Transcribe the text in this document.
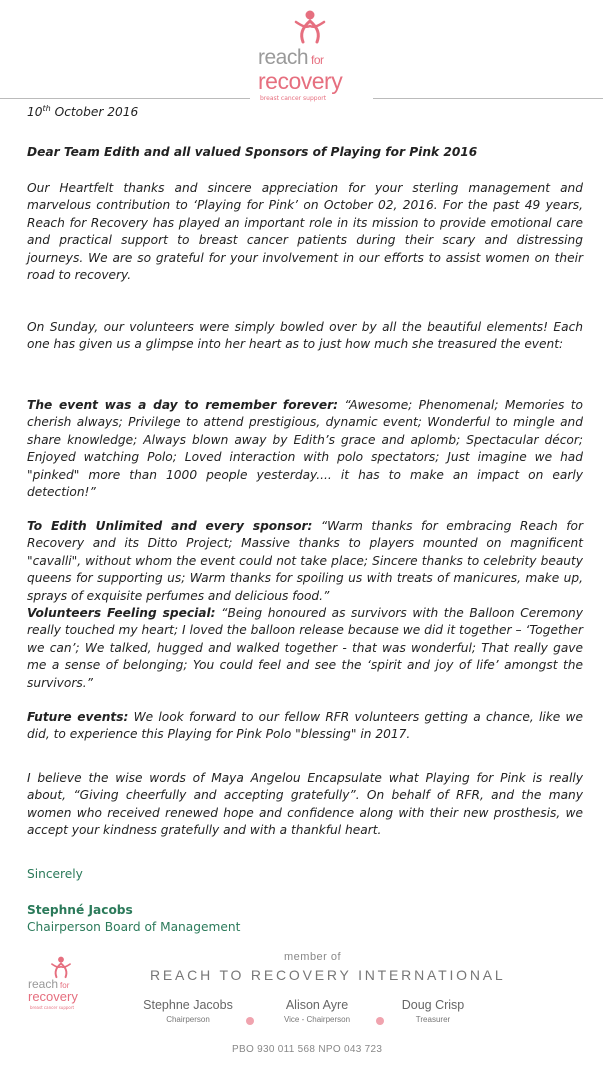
reach for
recovery
breast cancer support
10th October 2016
Dear Team Edith and all valued Sponsors of Playing for Pink 2016

Our Heartfelt thanks and sincere appreciation for your sterling management and marvelous contribution to ‘Playing for Pink’ on October 02, 2016. For the past 49 years, Reach for Recovery has played an important role in its mission to provide emotional care and practical support to breast cancer patients during their scary and distressing journeys. We are so grateful for your involvement in our efforts to assist women on their road to recovery.

On Sunday, our volunteers were simply bowled over by all the beautiful elements! Each one has given us a glimpse into her heart as to just how much she treasured the event:

The event was a day to remember forever: “Awesome; Phenomenal; Memories to cherish always; Privilege to attend prestigious, dynamic event; Wonderful to mingle and share knowledge; Always blown away by Edith’s grace and aplomb; Spectacular décor; Enjoyed watching Polo; Loved interaction with polo spectators; Just imagine we had "pinked" more than 1000 people yesterday.... it has to make an impact on early detection!”

To Edith Unlimited and every sponsor: “Warm thanks for embracing Reach for Recovery and its Ditto Project; Massive thanks to players mounted on magnificent "cavalli", without whom the event could not take place; Sincere thanks to celebrity beauty queens for supporting us; Warm thanks for spoiling us with treats of manicures, make up, sprays of exquisite perfumes and delicious food.”

Volunteers Feeling special: “Being honoured as survivors with the Balloon Ceremony really touched my heart; I loved the balloon release because we did it together – ‘Together we can’; We talked, hugged and walked together - that was wonderful; That really gave me a sense of belonging; You could feel and see the ‘spirit and joy of life’ amongst the survivors.”

Future events: We look forward to our fellow RFR volunteers getting a chance, like we did, to experience this Playing for Pink Polo "blessing" in 2017.

I believe the wise words of Maya Angelou Encapsulate what Playing for Pink is really about, “Giving cheerfully and accepting gratefully”. On behalf of RFR, and the many women who received renewed hope and confidence along with their new prosthesis, we accept your kindness gratefully and with a thankful heart.

Sincerely
Stephné Jacobs
Chairperson Board of Management
reach for
recovery
breast cancer support
member of
REACH TO RECOVERY INTERNATIONAL
Stephne Jacobs
Chairperson
Alison Ayre
Vice - Chairperson
Doug Crisp
Treasurer
PBO 930 011 568 NPO 043 723
